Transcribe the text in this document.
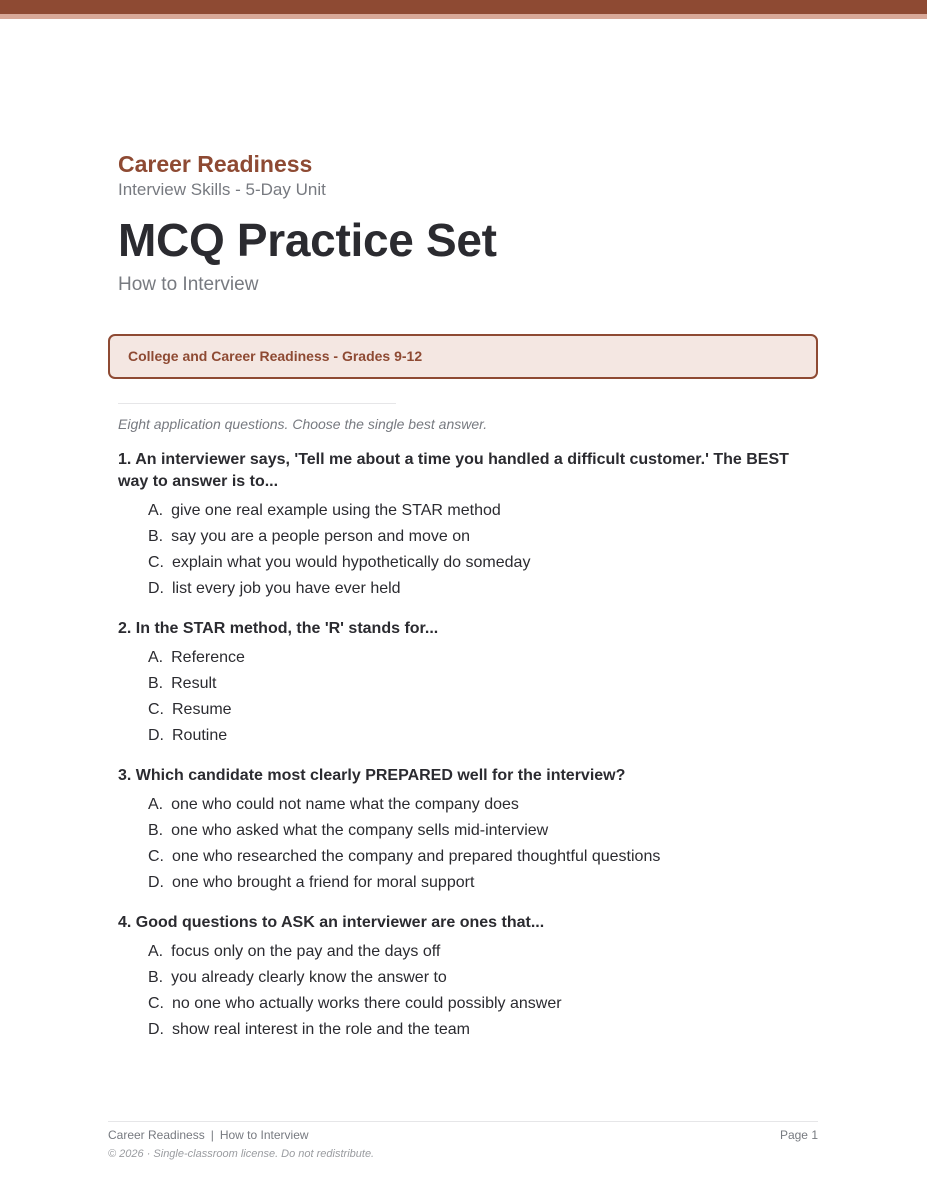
Career Readiness
Interview Skills - 5-Day Unit
MCQ Practice Set
How to Interview
College and Career Readiness - Grades 9-12
Eight application questions. Choose the single best answer.
1. An interviewer says, 'Tell me about a time you handled a difficult customer.' The BEST way to answer is to...
A. give one real example using the STAR method
B. say you are a people person and move on
C. explain what you would hypothetically do someday
D. list every job you have ever held
2. In the STAR method, the 'R' stands for...
A. Reference
B. Result
C. Resume
D. Routine
3. Which candidate most clearly PREPARED well for the interview?
A. one who could not name what the company does
B. one who asked what the company sells mid-interview
C. one who researched the company and prepared thoughtful questions
D. one who brought a friend for moral support
4. Good questions to ASK an interviewer are ones that...
A. focus only on the pay and the days off
B. you already clearly know the answer to
C. no one who actually works there could possibly answer
D. show real interest in the role and the team
Career Readiness | How to Interview	Page 1
© 2026 · Single-classroom license. Do not redistribute.
